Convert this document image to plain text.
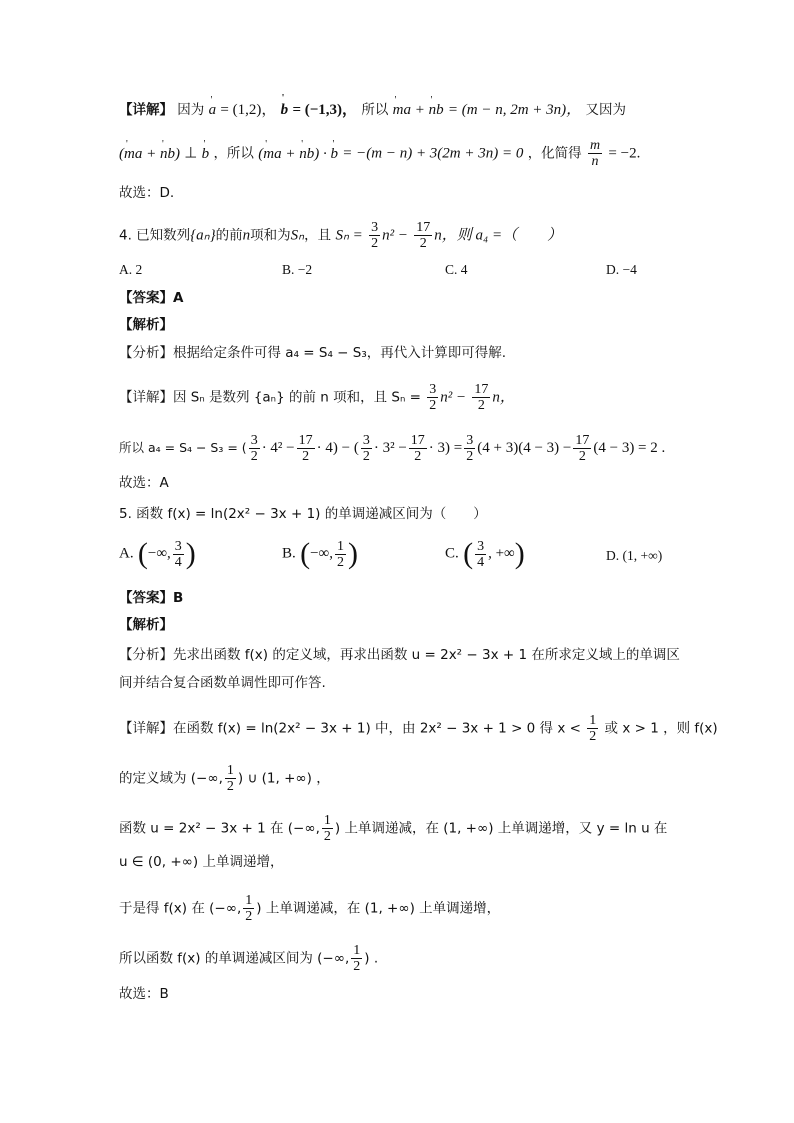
【详解】 因为 ' a = (1,2)， ' b = (−1,3)， 所以 ' ma + ' nb = (m − n, 2m + 3n)， 又因为
(' ma + ' nb) ⊥ ' b ，所以 (' ma + ' nb) · ' b = −(m − n) + 3(2m + 3n) = 0 ，化简得 $\frac{m}{n} = -2$.
故选：D.
4. 已知数列{aₙ}的前n项和为Sₙ，且 $S_n = \frac{3}{2} n^2 - \frac{17}{2}$ n，则 a₄ =（　　）
A. 2	B. −2	C. 4	D. −4
【答案】A
【解析】
【分析】根据给定条件可得 a₄ = S₄ − S₃，再代入计算即可得解.
【详解】因 Sₙ 是数列 {aₙ} 的前 n 项和，且 $S_n = \frac{3}{2} n^2 - \frac{17}{2}$ n，
所以 a₄ = S₄ − S₃ = ( $\frac{3}{2} \cdot 4^2 - \frac{17}{2} \cdot 4$) − ( $\frac{3}{2} \cdot 3^2 - \frac{17}{2} \cdot 3) = \frac{3}{2} (4 + 3)(4 - 3) - \frac{17}{2} (4 - 3) = 2$ .
故选：A
5. 函数 f(x) = ln(2x² − 3x + 1) 的单调递减区间为（　　）
A. (−∞, $\frac{3}{4}$ )	B. (−∞, $\frac{1}{2}$ )	C. ( $\frac{3}{4}$ , +∞)	D. (1, +∞)
【答案】B
【解析】
【分析】先求出函数 f(x) 的定义域，再求出函数 u = 2x² − 3x + 1 在所求定义域上的单调区
间并结合复合函数单调性即可作答.
【详解】在函数 f(x) = ln(2x² − 3x + 1) 中，由 2x² − 3x + 1 > 0 得 $x < \frac{1}{2}$ 或 x > 1 ，则 f(x)
的定义域为 (−∞, $\frac{1}{2}$ ) ∪ (1, +∞) ，
函数 u = 2x² − 3x + 1 在 (−∞, $\frac{1}{2}$ ) 上单调递减，在 (1, +∞) 上单调递增，又 y = ln u 在
u ∈ (0, +∞) 上单调递增，
于是得 f(x) 在 (−∞, $\frac{1}{2}$ ) 上单调递减，在 (1, +∞) 上单调递增，
所以函数 f(x) 的单调递减区间为 (−∞, $\frac{1}{2}$ ) .
故选：B
